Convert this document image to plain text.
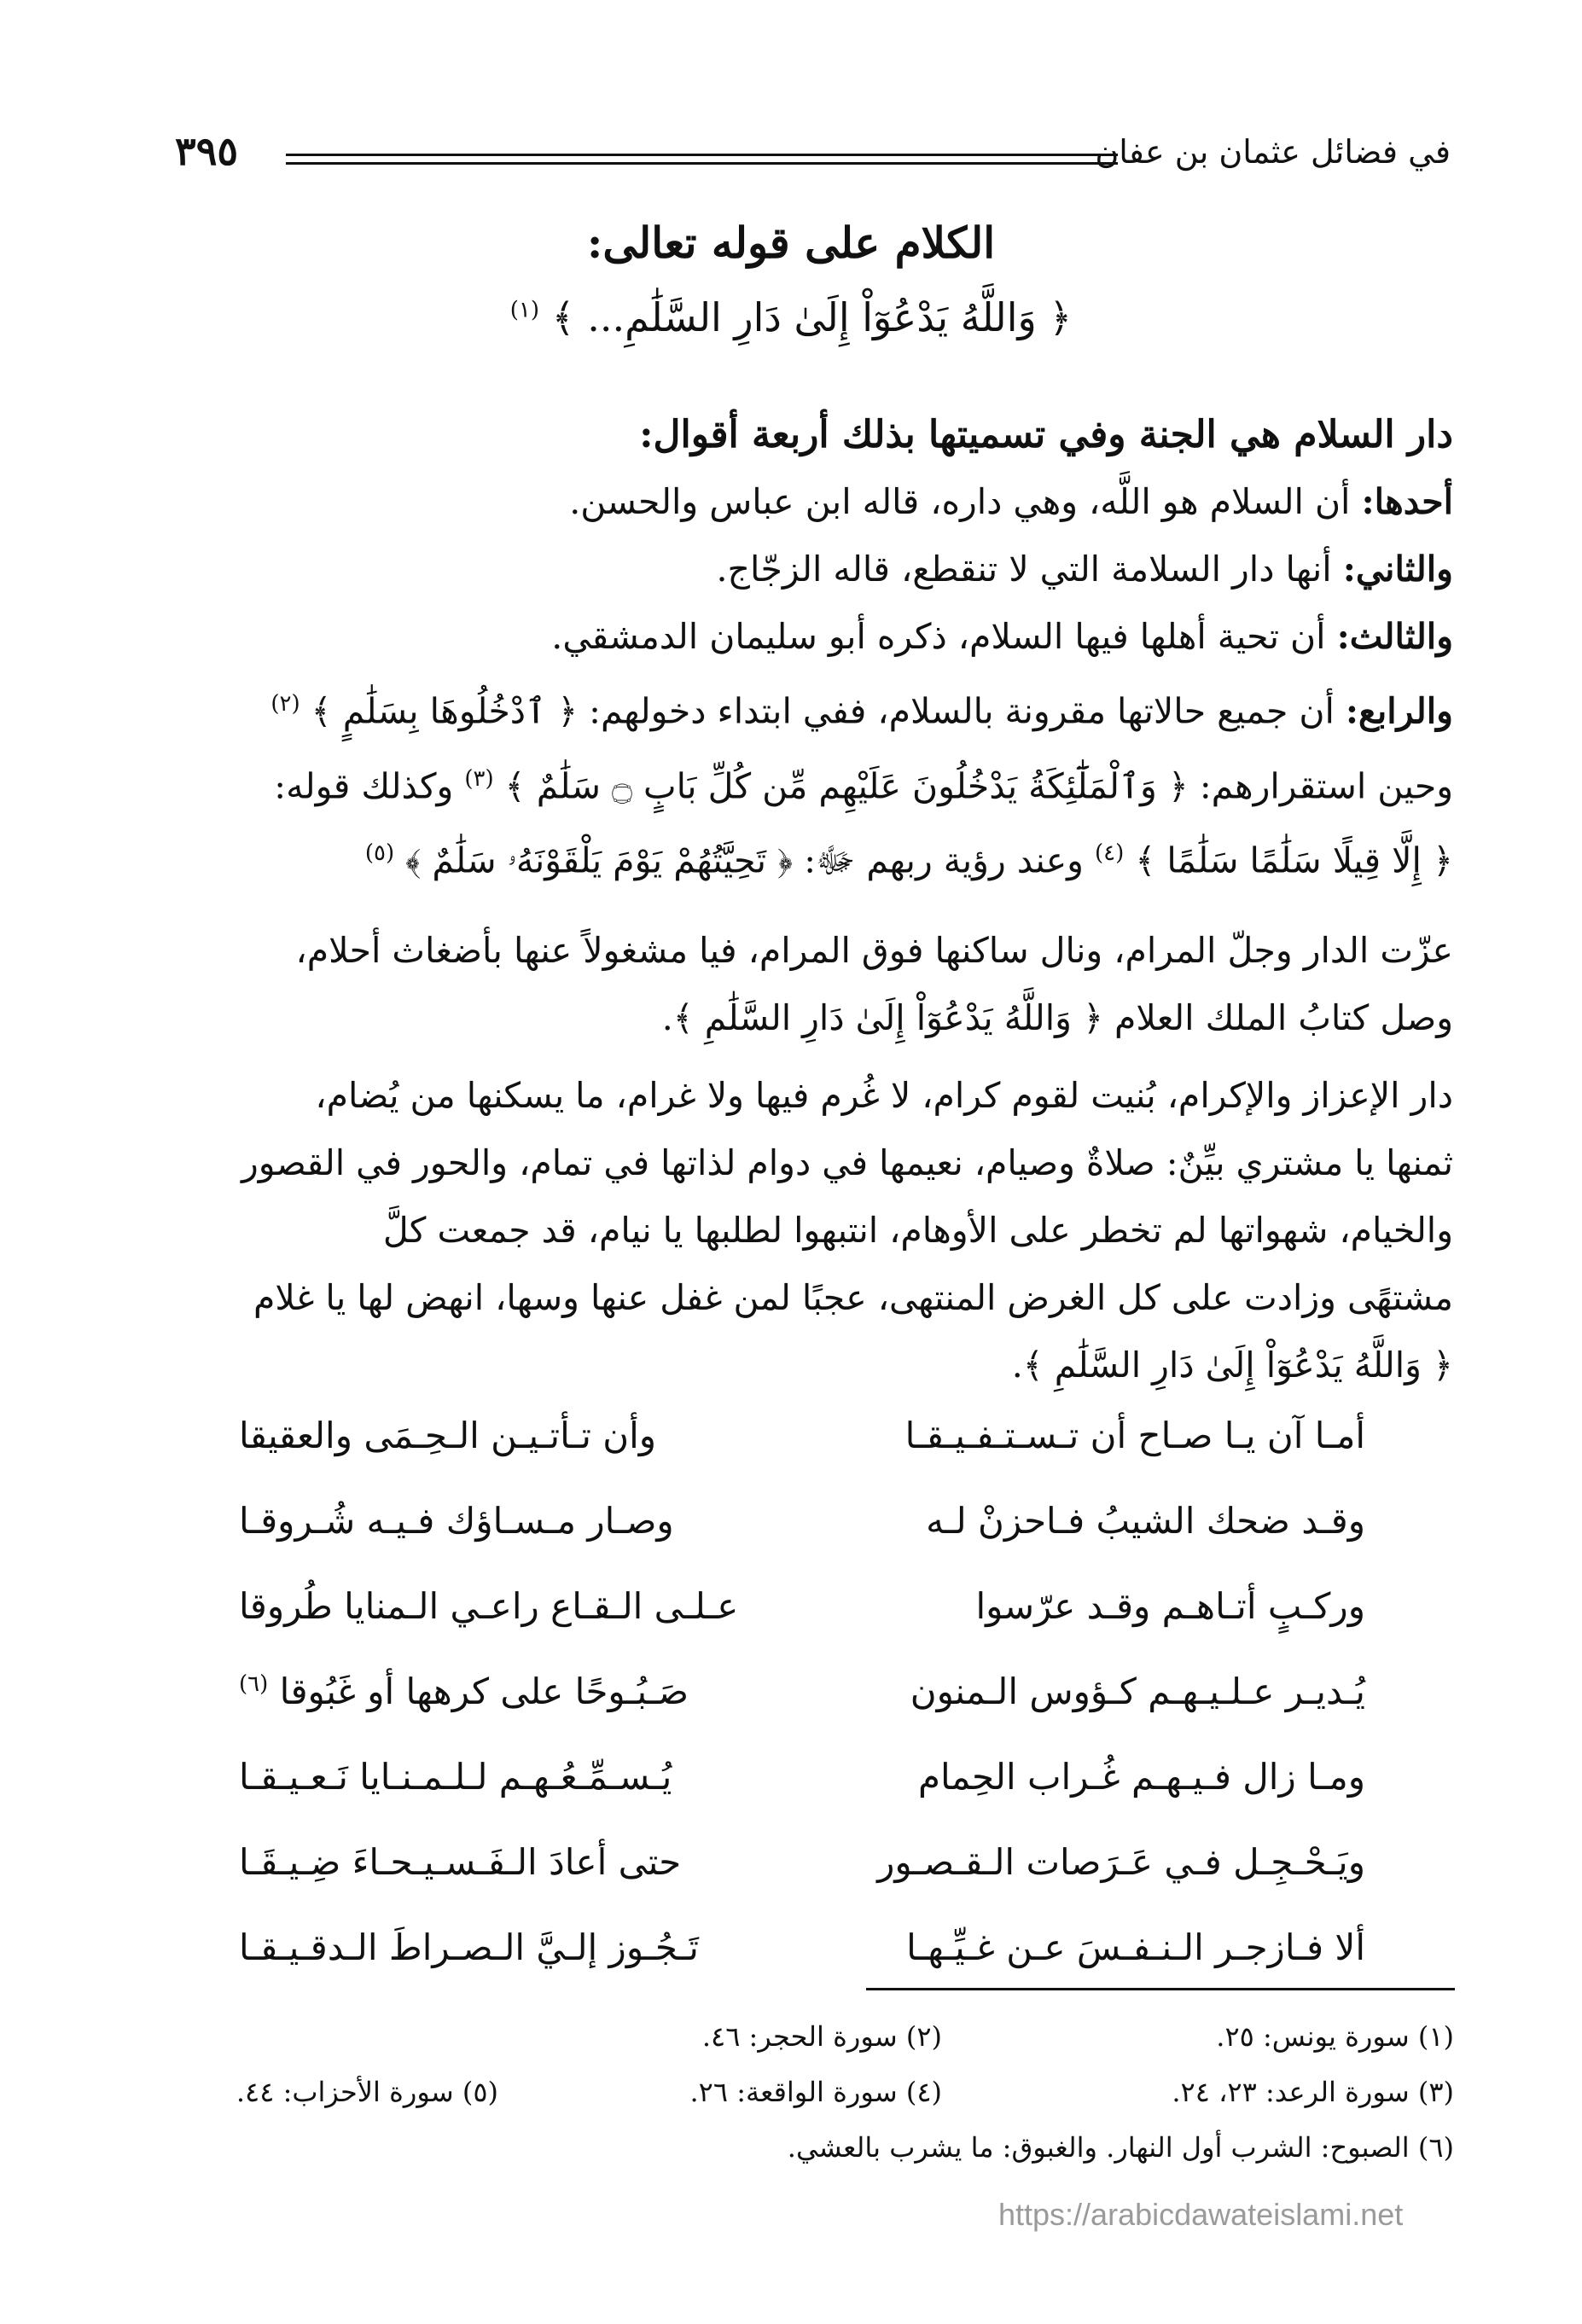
في فضائل عثمان بن عفان
٣٩٥
الكلام على قوله تعالى:
﴿ وَاللَّهُ يَدْعُوٓاْ إِلَىٰ دَارِ السَّلَٰمِ... ﴾ $^{(١)}$
دار السلام هي الجنة وفي تسميتها بذلك أربعة أقوال:
أحدها: أن السلام هو اللَّه، وهي داره، قاله ابن عباس والحسن.
والثاني: أنها دار السلامة التي لا تنقطع، قاله الزجّاج.
والثالث: أن تحية أهلها فيها السلام، ذكره أبو سليمان الدمشقي.
والرابع: أن جميع حالاتها مقرونة بالسلام، ففي ابتداء دخولهم: ﴿ ٱدْخُلُوهَا بِسَلَٰمٍ ﴾ $^{(٢)}$
وحين استقرارهم: ﴿ وَٱلْمَلَٰٓئِكَةُ يَدْخُلُونَ عَلَيْهِم مِّن كُلِّ بَابٍ ۝ سَلَٰمٌ ﴾ $^{(٣)}$ وكذلك قوله:
﴿ إِلَّا قِيلًا سَلَٰمًا سَلَٰمًا ﴾ $^{(٤)}$ وعند رؤية ربهم ﷻ: ﴿ تَحِيَّتُهُمْ يَوْمَ يَلْقَوْنَهُۥ سَلَٰمٌ ﴾ $^{(٥)}$
عزّت الدار وجلّ المرام، ونال ساكنها فوق المرام، فيا مشغولاً عنها بأضغاث أحلام،
وصل كتابُ الملك العلام ﴿ وَاللَّهُ يَدْعُوٓاْ إِلَىٰ دَارِ السَّلَٰمِ ﴾.
دار الإعزاز والإكرام، بُنيت لقوم كرام، لا غُرم فيها ولا غرام، ما يسكنها من يُضام،
ثمنها يا مشتري بيِّنٌ: صلاةٌ وصيام، نعيمها في دوام لذاتها في تمام، والحور في القصور
والخيام، شهواتها لم تخطر على الأوهام، انتبهوا لطلبها يا نيام، قد جمعت كلَّ
مشتهًى وزادت على كل الغرض المنتهى، عجبًا لمن غفل عنها وسها، انهض لها يا غلام
﴿ وَاللَّهُ يَدْعُوٓاْ إِلَىٰ دَارِ السَّلَٰمِ ﴾.
أمـا آن يـا صـاح أن تـسـتـفـيـقـا
وأن تـأتـيـن الـحِـمَى والعقيقا
وقـد ضحك الشيبُ فـاحزنْ لـه
وصـار مـسـاؤك فـيـه شُـروقـا
وركـبٍ أتـاهـم وقـد عرّسوا
عـلـى الـقـاع راعـي الـمنايا طُروقا
يُـديـر عـلـيـهـم كـؤوس الـمنون
صَـبُـوحًا على كرهها أو غَبُوقا $^{(٦)}$
ومـا زال فـيـهـم غُـراب الحِمام
يُـسـمِّـعُـهـم لـلـمـنـايا نَـعـيـقـا
ويَـحْـجِـل فـي عَـرَصات الـقـصـور
حتى أعادَ الـفَـسـيـحـاءَ ضِـيـقَـا
ألا فـازجـر الـنـفـسَ عـن غـيِّـهـا
تَـجُـوز إلـيَّ الـصـراطَ الـدقـيـقـا
(١) سورة يونس: ٢٥.
(٢) سورة الحجر: ٤٦.
(٣) سورة الرعد: ٢٣، ٢٤.
(٤) سورة الواقعة: ٢٦.
(٥) سورة الأحزاب: ٤٤.
(٦) الصبوح: الشرب أول النهار. والغبوق: ما يشرب بالعشي.
https://arabicdawateislami.net
